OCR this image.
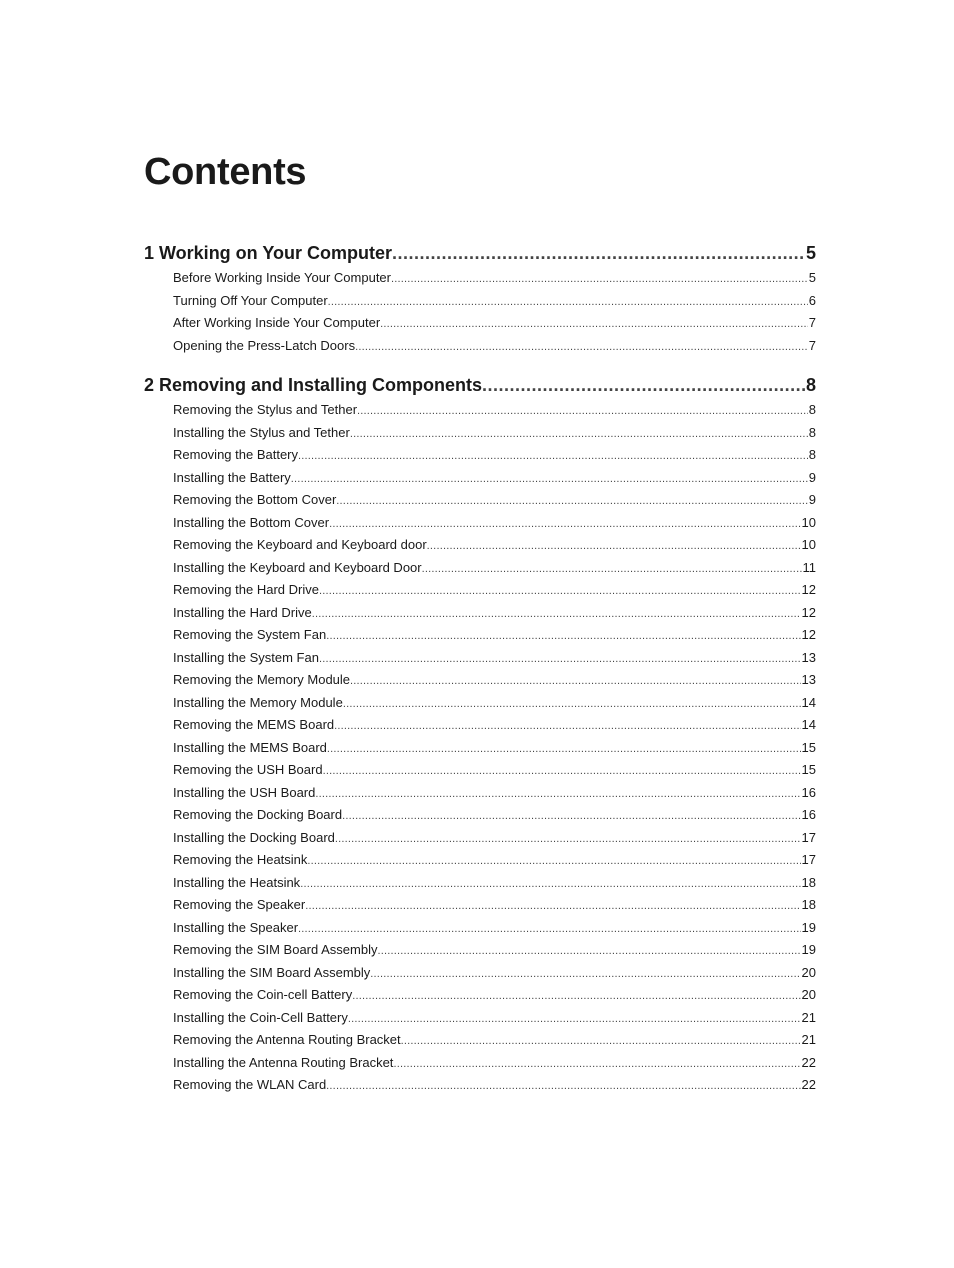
Contents
1 Working on Your Computer .....	5
Before Working Inside Your Computer .....	5
Turning Off Your Computer .....	6
After Working Inside Your Computer .....	7
Opening the Press-Latch Doors .....	7
2 Removing and Installing Components .....	8
Removing the Stylus and Tether .....	8
Installing the Stylus and Tether .....	8
Removing the Battery .....	8
Installing the Battery .....	9
Removing the Bottom Cover .....	9
Installing the Bottom Cover .....	10
Removing the Keyboard and Keyboard door .....	10
Installing the Keyboard and Keyboard Door .....	11
Removing the Hard Drive .....	12
Installing the Hard Drive .....	12
Removing the System Fan .....	12
Installing the System Fan .....	13
Removing the Memory Module .....	13
Installing the Memory Module .....	14
Removing the MEMS Board .....	14
Installing the MEMS Board .....	15
Removing the USH Board .....	15
Installing the USH Board .....	16
Removing the Docking Board .....	16
Installing the Docking Board .....	17
Removing the Heatsink .....	17
Installing the Heatsink .....	18
Removing the Speaker .....	18
Installing the Speaker .....	19
Removing the SIM Board Assembly .....	19
Installing the SIM Board Assembly .....	20
Removing the Coin-cell Battery .....	20
Installing the Coin-Cell Battery .....	21
Removing the Antenna Routing Bracket .....	21
Installing the Antenna Routing Bracket .....	22
Removing the WLAN Card .....	22
